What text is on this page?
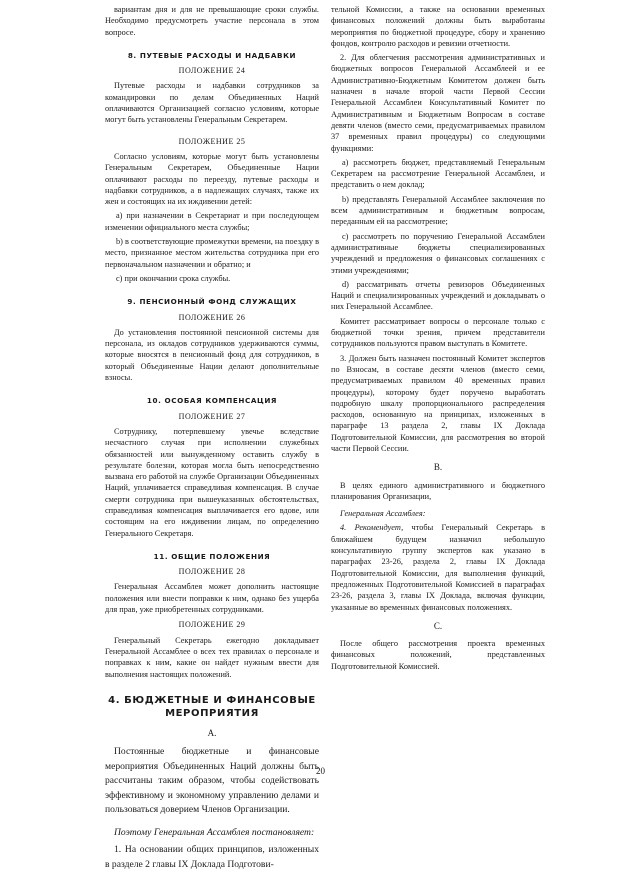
вариантам дня и для не превышающие сроки службы. Необходимо предусмотреть участие персонала в этом вопросе.

8. ПУТЕВЫЕ РАСХОДЫ И НАДБАВКИ
ПОЛОЖЕНИЕ 24

Путевые расходы и надбавки сотрудников за командировки по делам Объединенных Наций оплачиваются Организацией согласно условиям, которые могут быть установлены Генеральным Секретарем.

ПОЛОЖЕНИЕ 25

Согласно условиям, которые могут быть установлены Генеральным Секретарем, Объединенные Нации оплачивают расходы по переезду, путевые расходы и надбавки сотрудников, а в надлежащих случаях, также их жен и состоящих на их иждивении детей:

а) при назначении в Секретариат и при последующем изменении официального места службы;

b) в соответствующие промежутки времени, на поездку в место, признанное местом жительства сотрудника при его первоначальном назначении и обратно; и

с) при окончании срока службы.

9. ПЕНСИОННЫЙ ФОНД СЛУЖАЩИХ
ПОЛОЖЕНИЕ 26

До установления постоянной пенсионной системы для персонала, из окладов сотрудников удерживаются суммы, которые вносятся в пенсионный фонд для сотрудников, в который Объединенные Нации делают дополнительные взносы.

10. ОСОБАЯ КОМПЕНСАЦИЯ
ПОЛОЖЕНИЕ 27

Сотруднику, потерпевшему увечье вследствие несчастного случая при исполнении служебных обязанностей или вынужденному оставить службу в результате болезни, которая могла быть непосредственно вызвана его работой на службе Организации Объединенных Наций, уплачивается справедливая компенсация. В случае смерти сотрудника при вышеуказанных обстоятельствах, справедливая компенсация выплачивается его вдове, или состоящим на его иждивении лицам, по определению Генерального Секретаря.

11. ОБЩИЕ ПОЛОЖЕНИЯ
ПОЛОЖЕНИЕ 28

Генеральная Ассамблея может дополнить настоящие положения или внести поправки к ним, однако без ущерба для прав, уже приобретенных сотрудниками.

ПОЛОЖЕНИЕ 29

Генеральный Секретарь ежегодно докладывает Генеральной Ассамблее о всех тех правилах о персонале и поправках к ним, какие он найдет нужным ввести для выполнения настоящих положений.

4. БЮДЖЕТНЫЕ И ФИНАНСОВЫЕ
МЕРОПРИЯТИЯ
А.

Постоянные бюджетные и финансовые мероприятия Объединенных Наций должны быть рассчитаны таким образом, чтобы содействовать эффективному и экономному управлению делами и пользоваться доверием Членов Организации.

Поэтому Генеральная Ассамблея постановляет:

1. На основании общих принципов, изложенных в разделе 2 главы IX Доклада Подготови-

тельной Комиссии, а также на основании временных финансовых положений должны быть выработаны мероприятия по бюджетной процедуре, сбору и хранению фондов, контролю расходов и ревизии отчетности.

2. Для облегчения рассмотрения административных и бюджетных вопросов Генеральной Ассамблеей и ее Административно-Бюджетным Комитетом должен быть назначен в начале второй части Первой Сессии Генеральной Ассамблеи Консультативный Комитет по Административным и Бюджетным Вопросам в составе девяти членов (вместо семи, предусматриваемых правилом 37 временных правил процедуры) со следующими функциями:

а) рассмотреть бюджет, представляемый Генеральным Секретарем на рассмотрение Генеральной Ассамблеи, и представить о нем доклад;

b) представлять Генеральной Ассамблее заключения по всем административным и бюджетным вопросам, переданным ей на рассмотрение;

с) рассмотреть по поручению Генеральной Ассамблеи административные бюджеты специализированных учреждений и предложения о финансовых соглашениях с этими учреждениями;

d) рассматривать отчеты ревизоров Объединенных Наций и специализированных учреждений и докладывать о них Генеральной Ассамблее.

Комитет рассматривает вопросы о персонале только с бюджетной точки зрения, причем представители сотрудников пользуются правом выступать в Комитете.

3. Должен быть назначен постоянный Комитет экспертов по Взносам, в составе десяти членов (вместо семи, предусматриваемых правилом 40 временных правил процедуры), которому будет поручено выработать подробную шкалу пропорционального распределения расходов, основанную на принципах, изложенных в параграфе 13 раздела 2, главы IX Доклада Подготовительной Комиссии, для рассмотрения во второй части Первой Сессии.

В.

В целях единого административного и бюджетного планирования Организации,

Генеральная Ассамблея:

4. Рекомендует, чтобы Генеральный Секретарь в ближайшем будущем назначил небольшую консультативную группу экспертов как указано в параграфах 23-26, раздела 2, главы IX Доклада Подготовительной Комиссии, для выполнения функций, предложенных Подготовительной Комиссией в параграфах 23-26, раздела 3, главы IX Доклада, включая функции, указанные во временных финансовых положениях.

С.

После общего рассмотрения проекта временных финансовых положений, представленных Подготовительной Комиссией.

20
